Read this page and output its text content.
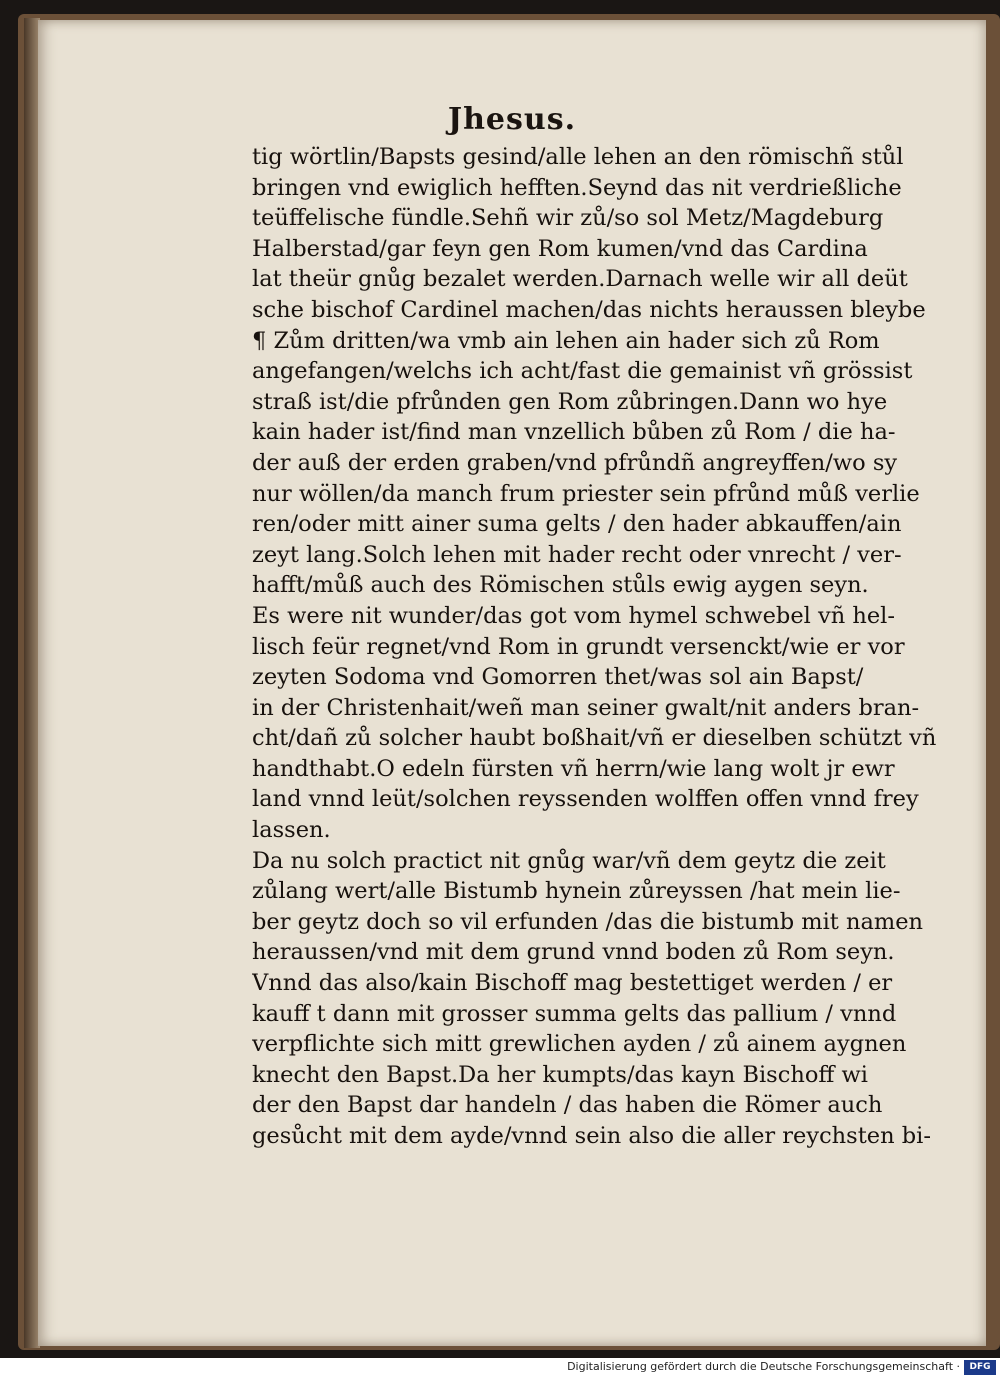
Jhesus.
tig wörtlin/Bapsts gesind/alle lehen an den römischñ stůl
bringen vnd ewiglich hefften.Seynd das nit verdrießliche
teüffelische fündle.Sehñ wir zů/so sol Metz/Magdeburg
Halberstad/gar feyn gen Rom kumen/vnd das Cardina
lat theür gnůg bezalet werden.Darnach welle wir all deüt
sche bischof Cardinel machen/das nichts heraussen bleybe
¶ Zům dritten/wa vmb ain lehen ain hader sich zů Rom
angefangen/welchs ich acht/fast die gemainist vñ grössist
straß ist/die pfrůnden gen Rom zůbringen.Dann wo hye
kain hader ist/find man vnzellich bůben zů Rom / die ha-
der auß der erden graben/vnd pfrůndñ angreyffen/wo sy
nur wöllen/da manch frum priester sein pfrůnd můß verlie
ren/oder mitt ainer suma gelts / den hader abkauffen/ain
zeyt lang.Solch lehen mit hader recht oder vnrecht / ver-
hafft/můß auch des Römischen stůls ewig aygen seyn.
Es were nit wunder/das got vom hymel schwebel vñ hel-
lisch feür regnet/vnd Rom in grundt versenckt/wie er vor
zeyten Sodoma vnd Gomorren thet/was sol ain Bapst/
in der Christenhait/weñ man seiner gwalt/nit anders bran-
cht/dañ zů solcher haubt boßhait/vñ er dieselben schützt vñ
handthabt.O edeln fürsten vñ herrn/wie lang wolt jr ewr
land vnnd leüt/solchen reyssenden wolffen offen vnnd frey
lassen.
Da nu solch practict nit gnůg war/vñ dem geytz die zeit
zůlang wert/alle Bistumb hynein zůreyssen /hat mein lie-
ber geytz doch so vil erfunden /das die bistumb mit namen
heraussen/vnd mit dem grund vnnd boden zů Rom seyn.
Vnnd das also/kain Bischoff mag bestettiget werden / er
kauff t dann mit grosser summa gelts das pallium / vnnd
verpflichte sich mitt grewlichen ayden / zů ainem aygnen
knecht den Bapst.Da her kumpts/das kayn Bischoff wi
der den Bapst dar handeln / das haben die Römer auch
gesůcht mit dem ayde/vnnd sein also die aller reychsten bi-
Digitalisierung gefördert durch die Deutsche Forschungsgemeinschaft ·	DFG
